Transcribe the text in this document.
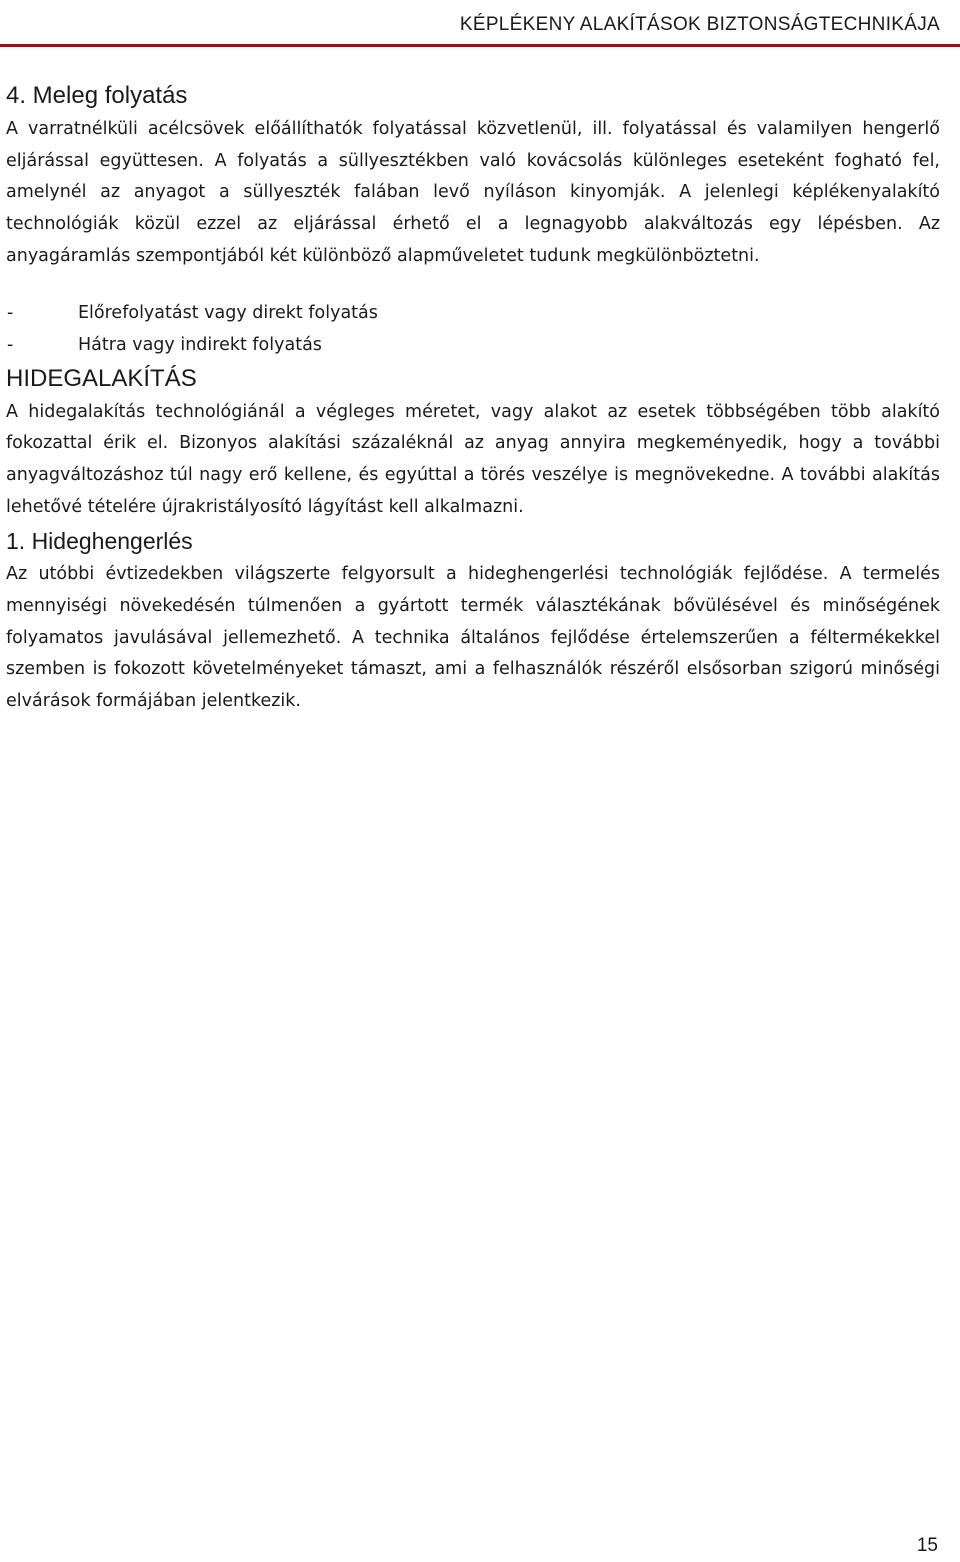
KÉPLÉKENY ALAKÍTÁSOK BIZTONSÁGTECHNIKÁJA
4. Meleg folyatás

A varratnélküli acélcsövek előállíthatók folyatással közvetlenül, ill. folyatással és valamilyen hengerlő eljárással együttesen. A folyatás a süllyesztékben való kovácsolás különleges eseteként fogható fel, amelynél az anyagot a süllyeszték falában levő nyíláson kinyomják. A jelenlegi képlékenyalakító technológiák közül ezzel az eljárással érhető el a legnagyobb alakváltozás egy lépésben. Az anyagáramlás szempontjából két különböző alapműveletet tudunk megkülönböztetni.

-	Előrefolyatást vagy direkt folyatás
-	Hátra vagy indirekt folyatás
HIDEGALAKÍTÁS

A hidegalakítás technológiánál a végleges méretet, vagy alakot az esetek többségében több alakító fokozattal érik el. Bizonyos alakítási százaléknál az anyag annyira megkeményedik, hogy a további anyagváltozáshoz túl nagy erő kellene, és egyúttal a törés veszélye is megnövekedne. A további alakítás lehetővé tételére újrakristályosító lágyítást kell alkalmazni.

1. Hideghengerlés

Az utóbbi évtizedekben világszerte felgyorsult a hideghengerlési technológiák fejlődése. A termelés mennyiségi növekedésén túlmenően a gyártott termék választékának bővülésével és minőségének folyamatos javulásával jellemezhető. A technika általános fejlődése értelemszerűen a féltermékekkel szemben is fokozott követelményeket támaszt, ami a felhasználók részéről elsősorban szigorú minőségi elvárások formájában jelentkezik.

15
